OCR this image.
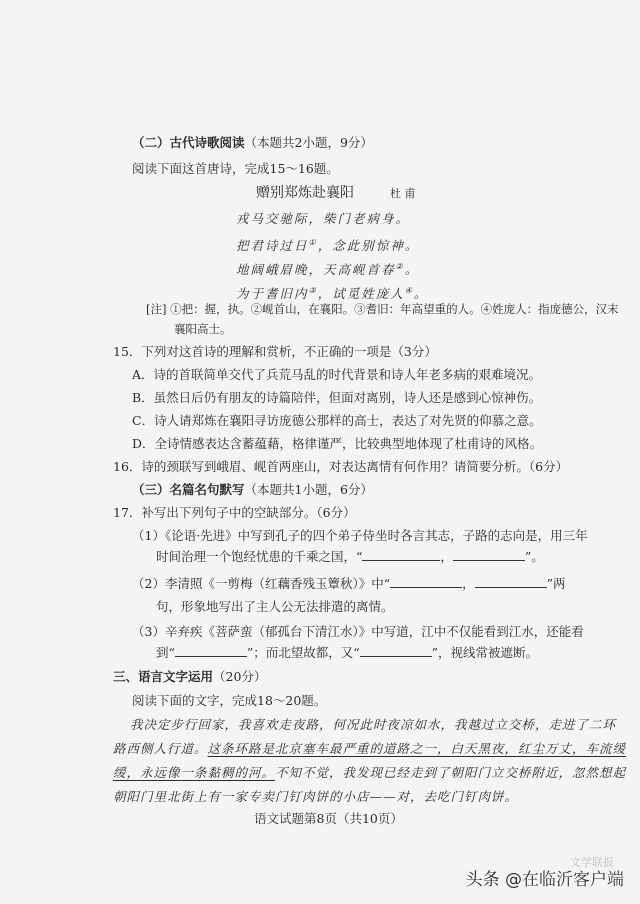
（二）古代诗歌阅读（本题共2小题，9分）
阅读下面这首唐诗，完成15～16题。
赠别郑炼赴襄阳	杜 甫
戎马交驰际，柴门老病身。
把君诗过日①，念此别惊神。
地阔峨眉晚，天高岘首春②。
为于耆旧内③，试觅姓庞人④。
[注] ①把：握，执。②岘首山，在襄阳。③耆旧：年高望重的人。④姓庞人：指庞德公，汉末
襄阳高士。
15．下列对这首诗的理解和赏析，不正确的一项是（3分）
A．诗的首联简单交代了兵荒马乱的时代背景和诗人年老多病的艰难境况。
B．虽然日后仍有朋友的诗篇陪伴，但面对离别，诗人还是感到心惊神伤。
C．诗人请郑炼在襄阳寻访庞德公那样的高士，表达了对先贤的仰慕之意。
D．全诗情感表达含蓄蕴藉，格律谨严，比较典型地体现了杜甫诗的风格。
16．诗的颈联写到峨眉、岘首两座山，对表达离情有何作用？请简要分析。（6分）
（三）名篇名句默写（本题共1小题，6分）
17．补写出下列句子中的空缺部分。（6分）
（1）《论语·先进》中写到孔子的四个弟子侍坐时各言其志，子路的志向是，用三年
时间治理一个饱经忧患的千乘之国，“	，	”。
（2）李清照《一剪梅（红藕香残玉簟秋）》中“	，	”两
句，形象地写出了主人公无法排遣的离情。
（3）辛弃疾《菩萨蛮（郁孤台下清江水）》中写道，江中不仅能看到江水，还能看
到“	”；而北望故都，又“	”，视线常被遮断。
三、语言文字运用（20分）
阅读下面的文字，完成18～20题。
我决定步行回家，我喜欢走夜路，何况此时夜凉如水，我越过立交桥，走进了二环
路西侧人行道。这条环路是北京塞车最严重的道路之一，白天黑夜，红尘万丈，车流缓
缓，永远像一条黏稠的河。不知不觉，我发现已经走到了朝阳门立交桥附近，忽然想起
朝阳门里北街上有一家专卖门钉肉饼的小店——对，去吃门钉肉饼。
语文试题第8页（共10页）
文学联报
头条 @在临沂客户端
